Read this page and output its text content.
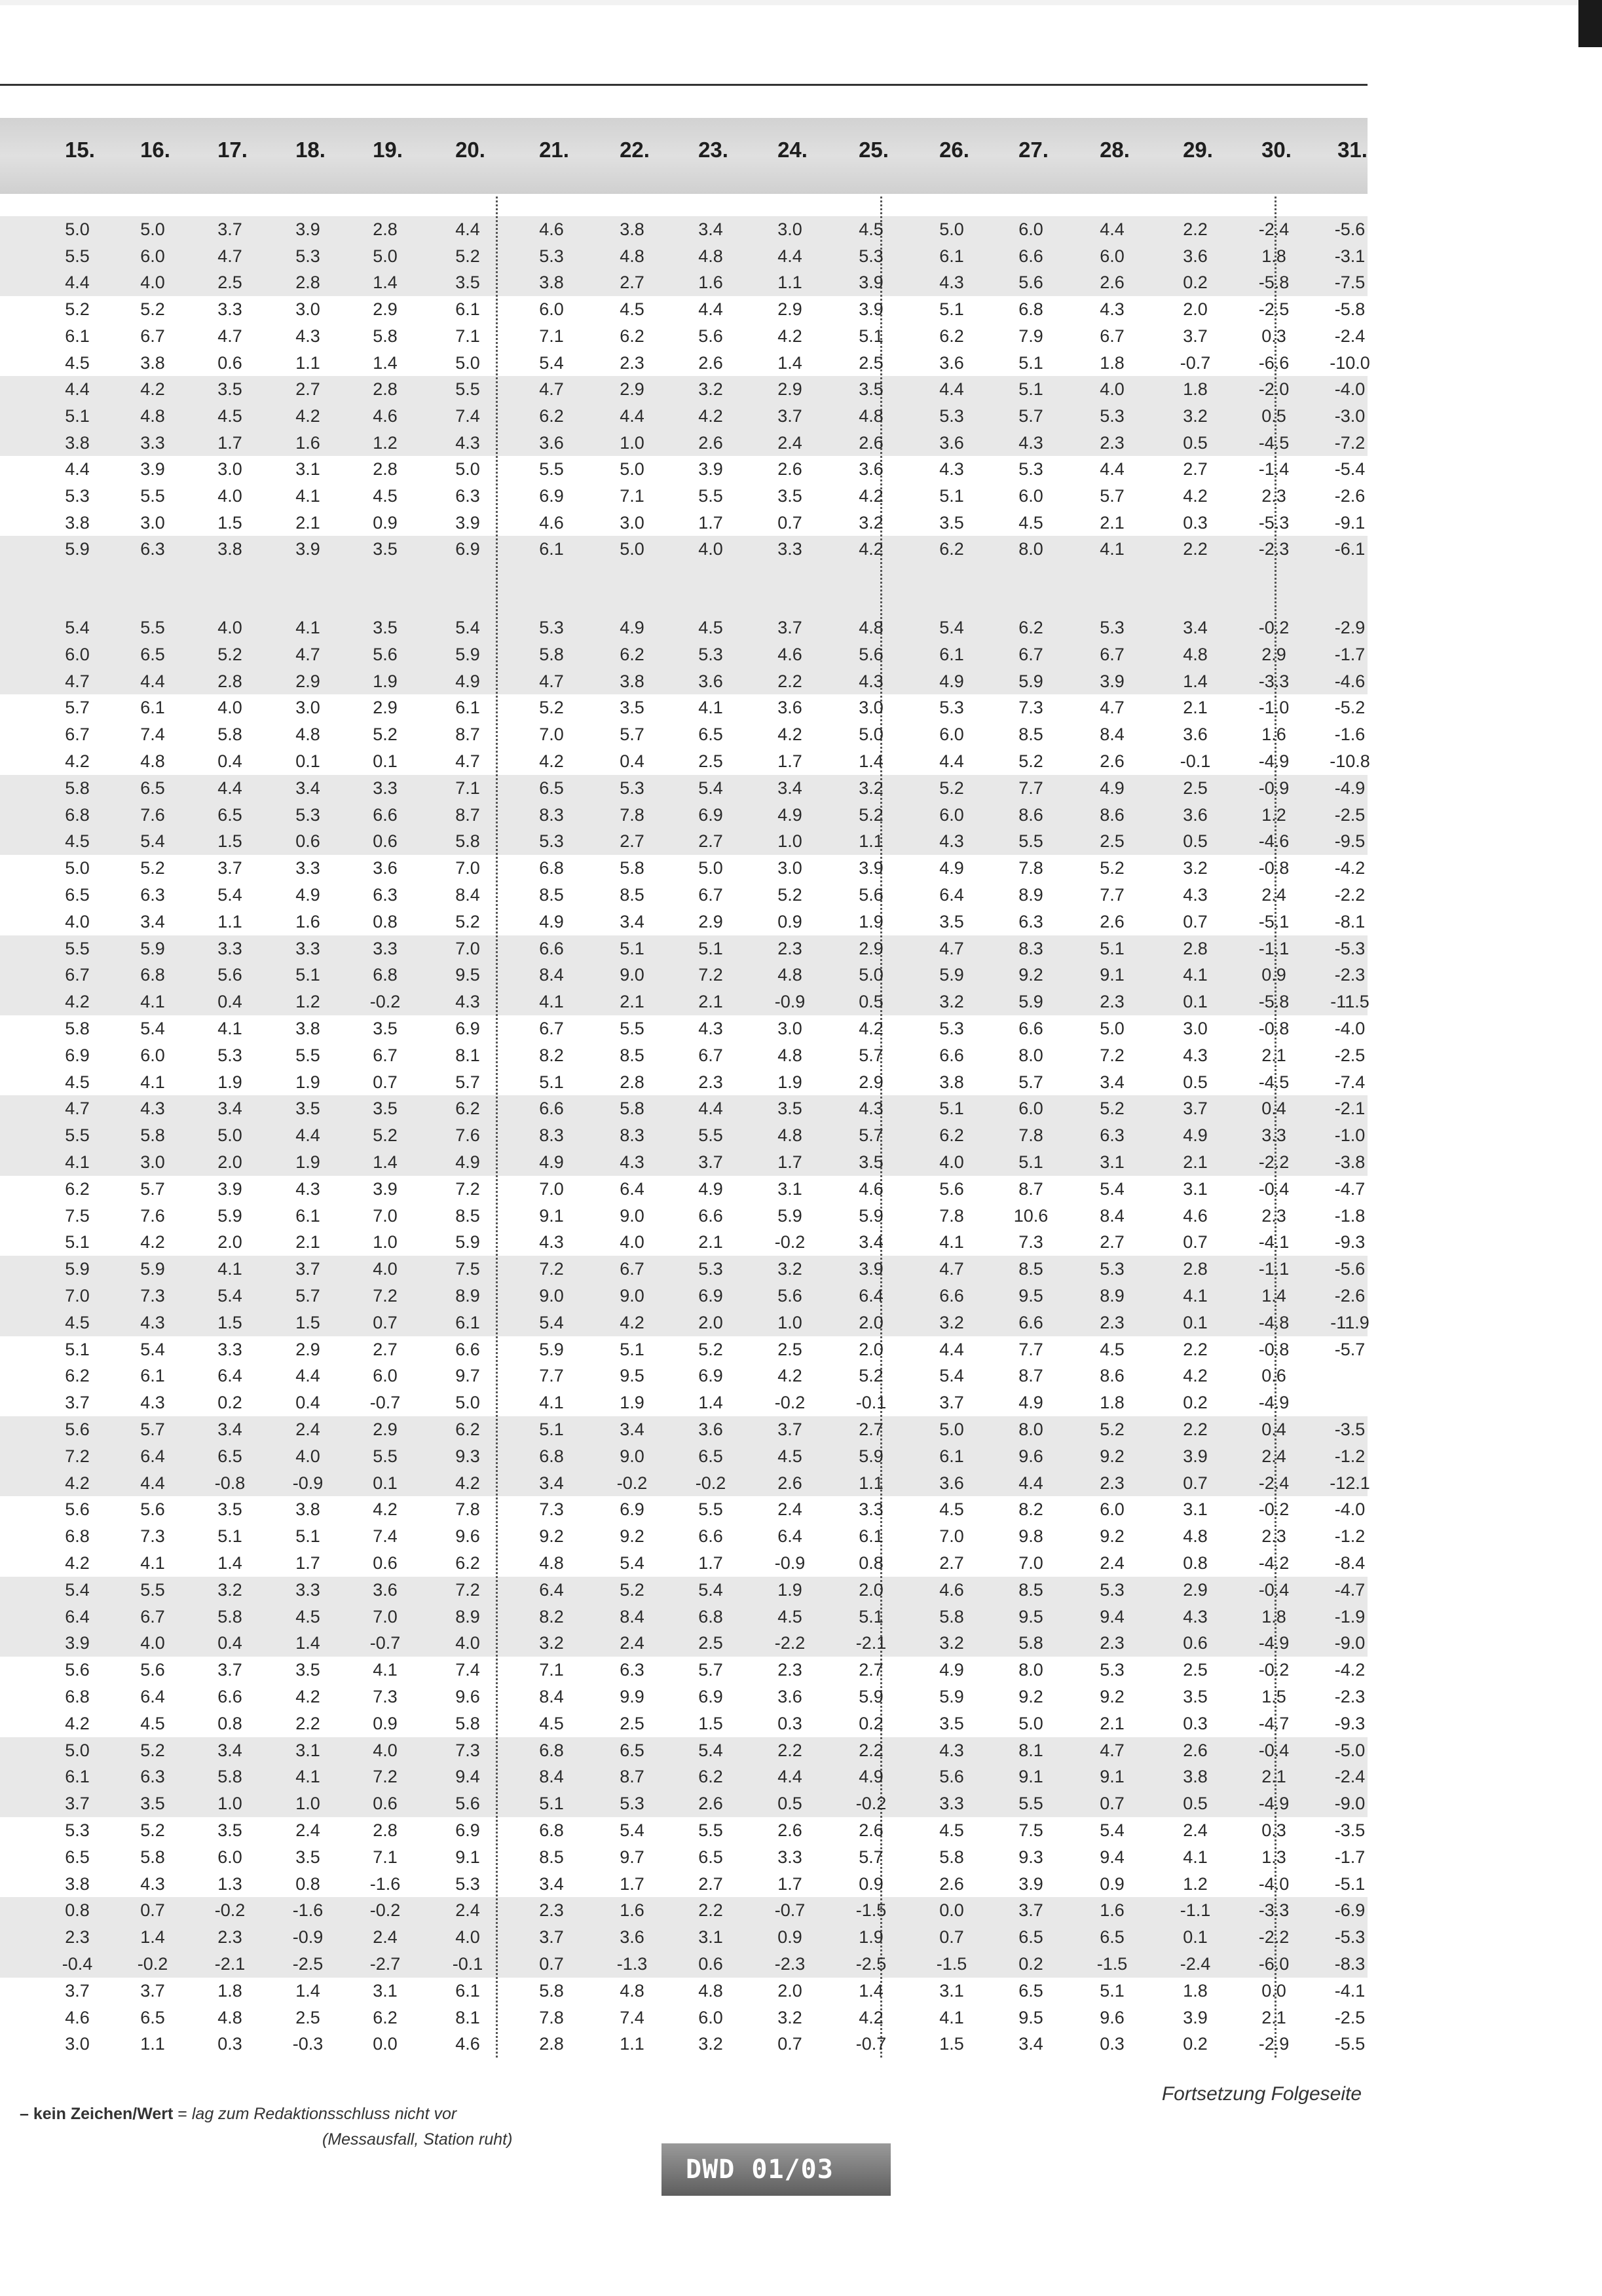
15.	16.	17.	18.	19.	20.	21.	22.	23.	24.	25.	26.	27.	28.	29.	30.	31.
5.0	5.0	3.7	3.9	2.8	4.4	4.6	3.8	3.4	3.0	4.5	5.0	6.0	4.4	2.2	-2.4	-5.6
5.5	6.0	4.7	5.3	5.0	5.2	5.3	4.8	4.8	4.4	5.3	6.1	6.6	6.0	3.6	1.8	-3.1
4.4	4.0	2.5	2.8	1.4	3.5	3.8	2.7	1.6	1.1	3.9	4.3	5.6	2.6	0.2	-5.8	-7.5
5.2	5.2	3.3	3.0	2.9	6.1	6.0	4.5	4.4	2.9	3.9	5.1	6.8	4.3	2.0	-2.5	-5.8
6.1	6.7	4.7	4.3	5.8	7.1	7.1	6.2	5.6	4.2	5.1	6.2	7.9	6.7	3.7	0.3	-2.4
4.5	3.8	0.6	1.1	1.4	5.0	5.4	2.3	2.6	1.4	2.5	3.6	5.1	1.8	-0.7	-6.6	-10.0
4.4	4.2	3.5	2.7	2.8	5.5	4.7	2.9	3.2	2.9	3.5	4.4	5.1	4.0	1.8	-2.0	-4.0
5.1	4.8	4.5	4.2	4.6	7.4	6.2	4.4	4.2	3.7	4.8	5.3	5.7	5.3	3.2	0.5	-3.0
3.8	3.3	1.7	1.6	1.2	4.3	3.6	1.0	2.6	2.4	2.6	3.6	4.3	2.3	0.5	-4.5	-7.2
4.4	3.9	3.0	3.1	2.8	5.0	5.5	5.0	3.9	2.6	3.6	4.3	5.3	4.4	2.7	-1.4	-5.4
5.3	5.5	4.0	4.1	4.5	6.3	6.9	7.1	5.5	3.5	4.2	5.1	6.0	5.7	4.2	2.3	-2.6
3.8	3.0	1.5	2.1	0.9	3.9	4.6	3.0	1.7	0.7	3.2	3.5	4.5	2.1	0.3	-5.3	-9.1
5.9	6.3	3.8	3.9	3.5	6.9	6.1	5.0	4.0	3.3	4.2	6.2	8.0	4.1	2.2	-2.3	-6.1
5.4	5.5	4.0	4.1	3.5	5.4	5.3	4.9	4.5	3.7	4.8	5.4	6.2	5.3	3.4	-0.2	-2.9
6.0	6.5	5.2	4.7	5.6	5.9	5.8	6.2	5.3	4.6	5.6	6.1	6.7	6.7	4.8	2.9	-1.7
4.7	4.4	2.8	2.9	1.9	4.9	4.7	3.8	3.6	2.2	4.3	4.9	5.9	3.9	1.4	-3.3	-4.6
5.7	6.1	4.0	3.0	2.9	6.1	5.2	3.5	4.1	3.6	3.0	5.3	7.3	4.7	2.1	-1.0	-5.2
6.7	7.4	5.8	4.8	5.2	8.7	7.0	5.7	6.5	4.2	5.0	6.0	8.5	8.4	3.6	1.6	-1.6
4.2	4.8	0.4	0.1	0.1	4.7	4.2	0.4	2.5	1.7	1.4	4.4	5.2	2.6	-0.1	-4.9	-10.8
5.8	6.5	4.4	3.4	3.3	7.1	6.5	5.3	5.4	3.4	3.2	5.2	7.7	4.9	2.5	-0.9	-4.9
6.8	7.6	6.5	5.3	6.6	8.7	8.3	7.8	6.9	4.9	5.2	6.0	8.6	8.6	3.6	1.2	-2.5
4.5	5.4	1.5	0.6	0.6	5.8	5.3	2.7	2.7	1.0	1.1	4.3	5.5	2.5	0.5	-4.6	-9.5
5.0	5.2	3.7	3.3	3.6	7.0	6.8	5.8	5.0	3.0	3.9	4.9	7.8	5.2	3.2	-0.8	-4.2
6.5	6.3	5.4	4.9	6.3	8.4	8.5	8.5	6.7	5.2	5.6	6.4	8.9	7.7	4.3	2.4	-2.2
4.0	3.4	1.1	1.6	0.8	5.2	4.9	3.4	2.9	0.9	1.9	3.5	6.3	2.6	0.7	-5.1	-8.1
5.5	5.9	3.3	3.3	3.3	7.0	6.6	5.1	5.1	2.3	2.9	4.7	8.3	5.1	2.8	-1.1	-5.3
6.7	6.8	5.6	5.1	6.8	9.5	8.4	9.0	7.2	4.8	5.0	5.9	9.2	9.1	4.1	0.9	-2.3
4.2	4.1	0.4	1.2	-0.2	4.3	4.1	2.1	2.1	-0.9	0.5	3.2	5.9	2.3	0.1	-5.8	-11.5
5.8	5.4	4.1	3.8	3.5	6.9	6.7	5.5	4.3	3.0	4.2	5.3	6.6	5.0	3.0	-0.8	-4.0
6.9	6.0	5.3	5.5	6.7	8.1	8.2	8.5	6.7	4.8	5.7	6.6	8.0	7.2	4.3	2.1	-2.5
4.5	4.1	1.9	1.9	0.7	5.7	5.1	2.8	2.3	1.9	2.9	3.8	5.7	3.4	0.5	-4.5	-7.4
4.7	4.3	3.4	3.5	3.5	6.2	6.6	5.8	4.4	3.5	4.3	5.1	6.0	5.2	3.7	0.4	-2.1
5.5	5.8	5.0	4.4	5.2	7.6	8.3	8.3	5.5	4.8	5.7	6.2	7.8	6.3	4.9	3.3	-1.0
4.1	3.0	2.0	1.9	1.4	4.9	4.9	4.3	3.7	1.7	3.5	4.0	5.1	3.1	2.1	-2.2	-3.8
6.2	5.7	3.9	4.3	3.9	7.2	7.0	6.4	4.9	3.1	4.6	5.6	8.7	5.4	3.1	-0.4	-4.7
7.5	7.6	5.9	6.1	7.0	8.5	9.1	9.0	6.6	5.9	5.9	7.8	10.6	8.4	4.6	2.3	-1.8
5.1	4.2	2.0	2.1	1.0	5.9	4.3	4.0	2.1	-0.2	3.4	4.1	7.3	2.7	0.7	-4.1	-9.3
5.9	5.9	4.1	3.7	4.0	7.5	7.2	6.7	5.3	3.2	3.9	4.7	8.5	5.3	2.8	-1.1	-5.6
7.0	7.3	5.4	5.7	7.2	8.9	9.0	9.0	6.9	5.6	6.4	6.6	9.5	8.9	4.1	1.4	-2.6
4.5	4.3	1.5	1.5	0.7	6.1	5.4	4.2	2.0	1.0	2.0	3.2	6.6	2.3	0.1	-4.8	-11.9
5.1	5.4	3.3	2.9	2.7	6.6	5.9	5.1	5.2	2.5	2.0	4.4	7.7	4.5	2.2	-0.8	-5.7
6.2	6.1	6.4	4.4	6.0	9.7	7.7	9.5	6.9	4.2	5.2	5.4	8.7	8.6	4.2	0.6
3.7	4.3	0.2	0.4	-0.7	5.0	4.1	1.9	1.4	-0.2	-0.1	3.7	4.9	1.8	0.2	-4.9
5.6	5.7	3.4	2.4	2.9	6.2	5.1	3.4	3.6	3.7	2.7	5.0	8.0	5.2	2.2	0.4	-3.5
7.2	6.4	6.5	4.0	5.5	9.3	6.8	9.0	6.5	4.5	5.9	6.1	9.6	9.2	3.9	2.4	-1.2
4.2	4.4	-0.8	-0.9	0.1	4.2	3.4	-0.2	-0.2	2.6	1.1	3.6	4.4	2.3	0.7	-2.4	-12.1
5.6	5.6	3.5	3.8	4.2	7.8	7.3	6.9	5.5	2.4	3.3	4.5	8.2	6.0	3.1	-0.2	-4.0
6.8	7.3	5.1	5.1	7.4	9.6	9.2	9.2	6.6	6.4	6.1	7.0	9.8	9.2	4.8	2.3	-1.2
4.2	4.1	1.4	1.7	0.6	6.2	4.8	5.4	1.7	-0.9	0.8	2.7	7.0	2.4	0.8	-4.2	-8.4
5.4	5.5	3.2	3.3	3.6	7.2	6.4	5.2	5.4	1.9	2.0	4.6	8.5	5.3	2.9	-0.4	-4.7
6.4	6.7	5.8	4.5	7.0	8.9	8.2	8.4	6.8	4.5	5.1	5.8	9.5	9.4	4.3	1.8	-1.9
3.9	4.0	0.4	1.4	-0.7	4.0	3.2	2.4	2.5	-2.2	-2.1	3.2	5.8	2.3	0.6	-4.9	-9.0
5.6	5.6	3.7	3.5	4.1	7.4	7.1	6.3	5.7	2.3	2.7	4.9	8.0	5.3	2.5	-0.2	-4.2
6.8	6.4	6.6	4.2	7.3	9.6	8.4	9.9	6.9	3.6	5.9	5.9	9.2	9.2	3.5	1.5	-2.3
4.2	4.5	0.8	2.2	0.9	5.8	4.5	2.5	1.5	0.3	0.2	3.5	5.0	2.1	0.3	-4.7	-9.3
5.0	5.2	3.4	3.1	4.0	7.3	6.8	6.5	5.4	2.2	2.2	4.3	8.1	4.7	2.6	-0.4	-5.0
6.1	6.3	5.8	4.1	7.2	9.4	8.4	8.7	6.2	4.4	4.9	5.6	9.1	9.1	3.8	2.1	-2.4
3.7	3.5	1.0	1.0	0.6	5.6	5.1	5.3	2.6	0.5	-0.2	3.3	5.5	0.7	0.5	-4.9	-9.0
5.3	5.2	3.5	2.4	2.8	6.9	6.8	5.4	5.5	2.6	2.6	4.5	7.5	5.4	2.4	0.3	-3.5
6.5	5.8	6.0	3.5	7.1	9.1	8.5	9.7	6.5	3.3	5.7	5.8	9.3	9.4	4.1	1.3	-1.7
3.8	4.3	1.3	0.8	-1.6	5.3	3.4	1.7	2.7	1.7	0.9	2.6	3.9	0.9	1.2	-4.0	-5.1
0.8	0.7	-0.2	-1.6	-0.2	2.4	2.3	1.6	2.2	-0.7	-1.5	0.0	3.7	1.6	-1.1	-3.3	-6.9
2.3	1.4	2.3	-0.9	2.4	4.0	3.7	3.6	3.1	0.9	1.9	0.7	6.5	6.5	0.1	-2.2	-5.3
-0.4	-0.2	-2.1	-2.5	-2.7	-0.1	0.7	-1.3	0.6	-2.3	-2.5	-1.5	0.2	-1.5	-2.4	-6.0	-8.3
3.7	3.7	1.8	1.4	3.1	6.1	5.8	4.8	4.8	2.0	1.4	3.1	6.5	5.1	1.8	0.0	-4.1
4.6	6.5	4.8	2.5	6.2	8.1	7.8	7.4	6.0	3.2	4.2	4.1	9.5	9.6	3.9	2.1	-2.5
3.0	1.1	0.3	-0.3	0.0	4.6	2.8	1.1	3.2	0.7	-0.7	1.5	3.4	0.3	0.2	-2.9	-5.5
– kein Zeichen/Wert = lag zum Redaktionsschluss nicht vor
(Messausfall, Station ruht)
Fortsetzung Folgeseite
DWD 01/03   27
